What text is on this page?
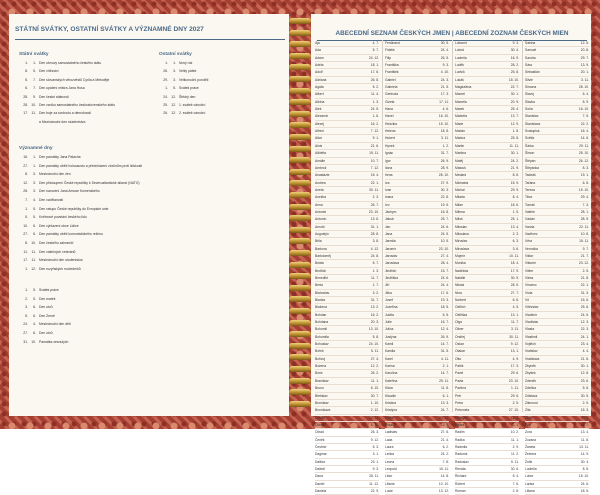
STÁTNÍ SVÁTKY, OSTATNÍ SVÁTKY A VÝZNAMNÉ DNY 2027
Státní svátky
1. 1. Den obnovy samostatného českého státu
8. 5. Den vítězství
5. 7. Den slovanských věrozvěstů Cyrila a Metoděje
6. 7. Den upálení mistra Jana Husa
28. 9. Den české státnosti
28. 10. Den vzniku samostatného československého státu
17. 11. Den boje za svobodu a demokracii
a Mezinárodní den studentstva
Ostatní svátky
1. 1. Nový rok
26. 3. Velký pátek
29. 3. Velikonoční pondělí
1. 5. Svátek práce
24. 12. Štědrý den
25. 12. 1. svátek vánoční
26. 12. 2. svátek vánoční
Významné dny
16. 1. Den památky Jana Palacha
27. 1. Den památky obětí holocaustu a předcházení zločinům proti lidskosti
8. 3. Mezinárodní den žen
12. 3. Den přistoupení České republiky k Severoatlantické alianci (NATO)
28. 3. Den narození Jana Amose Komenského
7. 4. Den vzdělanosti
1. 5. Den vstupu České republiky do Evropské unie
5. 5. Květnové povstání českého lidu
10. 6. Den vyhlazení obce Lidice
27. 6. Den památky obětí komunistického režimu
8. 10. Den českého zahraničí
11. 11. Den válečných veteránů
17. 11. Mezinárodní den studentstva
1. 12. Den ruzyňských mučedníků
1. 5. Svátek práce
2. 5. Den matek
3. 6. Den otců
5. 6. Den Země
24. 4. Mezinárodní den dětí
27. 6. Den otců
31. 10. Památka zesnulých
ABECEDNÍ SEZNAM ČESKÝCH JMEN | ABECEDNÍ ZOZNAM ČESKÝCH MIEN
Ája	4. 7.
Ada	5. 7.
Adam	24. 12.
Adéla	18. 1.
Adolf	17. 6.
Adriana	26. 8.
Agáta	5. 2.
Albert	11. 4.
Albína	1. 3.
Aleš	24. 5.
Alexandr	1. 6.
Alexej	16. 2.
Alfréd	7. 12.
Alice	9. 1.
Alois	21. 6.
Alžběta	19. 11.
Amálie	10. 7.
Ambrož	7. 12.
Anastázie	15. 4.
Andrea	22. 1.
Aneta	30. 11.
Anežka	2. 3.
Anna	26. 7.
Antonie	23. 10.
Antonín	13. 6.
Arnošt	31. 1.
Augustýn	28. 8.
Běla	3. 8.
Barbora	4. 12.
Bartoloměj	24. 8.
Beáta	5. 7.
Bedřich	1. 3.
Benedikt	11. 7.
Berta	1. 7.
Blahoslav	3. 2.
Blanka	31. 7.
Blažena	13. 2.
Bohdan	16. 2.
Bohdana	20. 3.
Bohumil	13. 10.
Bohumila	5. 8.
Bohuslav	24. 10.
Bořek	5. 11.
Bořivoj	27. 4.
Božena	12. 2.
Boris	26. 2.
Branislav	11. 1.
Bruno	6. 10.
Břetislav	30. 7.
Bronislav	1. 10.
Bronislava	2. 12.
Cecílie	22. 11.
Ctibor	8. 10.
Ctirad	26. 3.
Čeněk	9. 12.
Čestmír	5. 3.
Dagmar	3. 1.
Dalibor	23. 1.
Dalimil	9. 3.
Dana	28. 11.
Daniel	11. 12.
Daniela	22. 9.
Ferdinand	30. 5.
Fidelie	24. 4.
Filip	26. 5.
Františka	9. 3.
František	4. 10.
Gabriel	24. 3.
Gabriela	21. 5.
Gertruda	17. 3.
Gizela	17. 11.
Hana	4. 6.
Havel	16. 10.
Hedvika	15. 10.
Helena	18. 8.
Hubert	3. 11.
Hynek	1. 2.
Ignác	31. 7.
Igor	26. 9.
Ilona	28. 9.
Irena	28. 10.
Iva	27. 9.
Ivan	30. 3.
Ivana	22. 8.
Ivo	19. 5.
Jáchym	16. 8.
Jakub	25. 7.
Jan	24. 6.
Jana	24. 5.
Jarmila	10. 5.
Jaromír	23. 10.
Jaroslav	27. 4.
Jaroslava	28. 4.
Jindřich	15. 7.
Jindřiška	24. 6.
Jiří	24. 4.
Jitka	17. 6.
Josef	19. 3.
Jozefína	18. 5.
Judita	6. 5.
Julie	16. 7.
Julius	12. 4.
Justýna	26. 9.
Kamil	14. 7.
Kamila	31. 5.
Karel	4. 11.
Karina	2. 1.
Karolína	14. 7.
Kateřina	25. 11.
Klára	11. 8.
Klaudie	6. 1.
Kristina	13. 3.
Kristýna	24. 7.
Květa	23. 12.
Kvido	12. 9.
Ladislav	27. 6.
Lada	21. 4.
Laura	6. 2.
Lenka	24. 2.
Leona	7. 8.
Leopold	15. 11.
Libor	14. 8.
Libuše	10. 10.
Lucie	13. 12.
Lubomír	9. 3.
Luboš	30. 4.
Ludmila	16. 9.
Luděk	28. 2.
Ludvík	25. 8.
Lukáš	18. 10.
Magdaléna	22. 7.
Marcel	30. 1.
Marcela	20. 9.
Marek	25. 4.
Markéta	13. 7.
Marie	12. 9.
Marián	1. 8.
Marina	25. 8.
Martin	11. 11.
Martina	30. 1.
Matěj	24. 2.
Matouš	21. 9.
Medard	8. 6.
Michaela	15. 9.
Michal	29. 9.
Milada	8. 4.
Milan	18. 6.
Milena	1. 5.
Miloš	25. 1.
Miloslav	13. 4.
Miloslava	2. 3.
Miroslav	6. 3.
Miroslava	3. 6.
Mojmír	10. 11.
Monika	18. 4.
Naděžda	17. 9.
Natálie	30. 9.
Nikola	28. 5.
Nina	27. 7.
Norbert	6. 6.
Oldřich	4. 5.
Oldřiška	13. 1.
Olga	11. 7.
Oliver	3. 11.
Ondřej	30. 11.
Oskar	9. 12.
Otakar	13. 1.
Otto	4. 9.
Patrik	17. 3.
Pavel	29. 6.
Pavla	23. 10.
Pavlína	1. 11.
Petr	29. 6.
Petra	2. 5.
Petronela	27. 10.
Přemysl	14. 2.
Radek	1. 1.
Radim	10. 2.
Radka	11. 1.
Radmila	2. 9.
Radomír	11. 2.
Radoslav	5. 11.
Renáta	30. 6.
Richard	5. 4.
Robert	7. 6.
Roman	2. 8.
Sabina	12. 5.
Samuel	20. 8.
Sandra	29. 7.
Sára	13. 9.
Sebastián	20. 1.
Silvie	3. 11.
Simona	28. 10.
Slavoj	6. 4.
Slávka	8. 9.
Soňa	16. 10.
Stanislav	7. 5.
Stanislava	22. 2.
Svatopluk	16. 4.
Světla	14. 6.
Šárka	29. 11.
Šimon	28. 10.
Štěpán	26. 12.
Štěpánka	8. 3.
Tadeáš	19. 1.
Taťána	6. 8.
Tereza	15. 10.
Tibor	29. 4.
Tomáš	7. 3.
Valérie	28. 1.
Václav	28. 9.
Vanda	22. 11.
Vavřinec	10. 8.
Věra	15. 11.
Veronika	9. 7.
Viktor	21. 7.
Viktorie	23. 12.
Vilém	2. 5.
Vilma	21. 8.
Vincenc	22. 1.
Viola	31. 3.
Vít	15. 6.
Vítězslav	25. 6.
Vladimír	24. 5.
Vladislav	12. 3.
Vlasta	22. 3.
Vlastimil	24. 1.
Vojtěch	23. 4.
Vratislav	4. 4.
Vratislava	21. 6.
Zbyněk	30. 1.
Zbyšek	12. 8.
Zdeněk	23. 6.
Zdeňka	5. 6.
Zdislava	30. 5.
Zikmund	2. 5.
Zita	15. 3.
Zlata	30. 3.
Zoe	19. 7.
Zora	13. 4.
Zuzana	11. 8.
Žaneta	13. 11.
Želmíra	14. 9.
Žofie	30. 4.
Ludmila	8. 5.
Lubor	18. 10.
Larisa	24. 6.
Liliana	18. 5.
